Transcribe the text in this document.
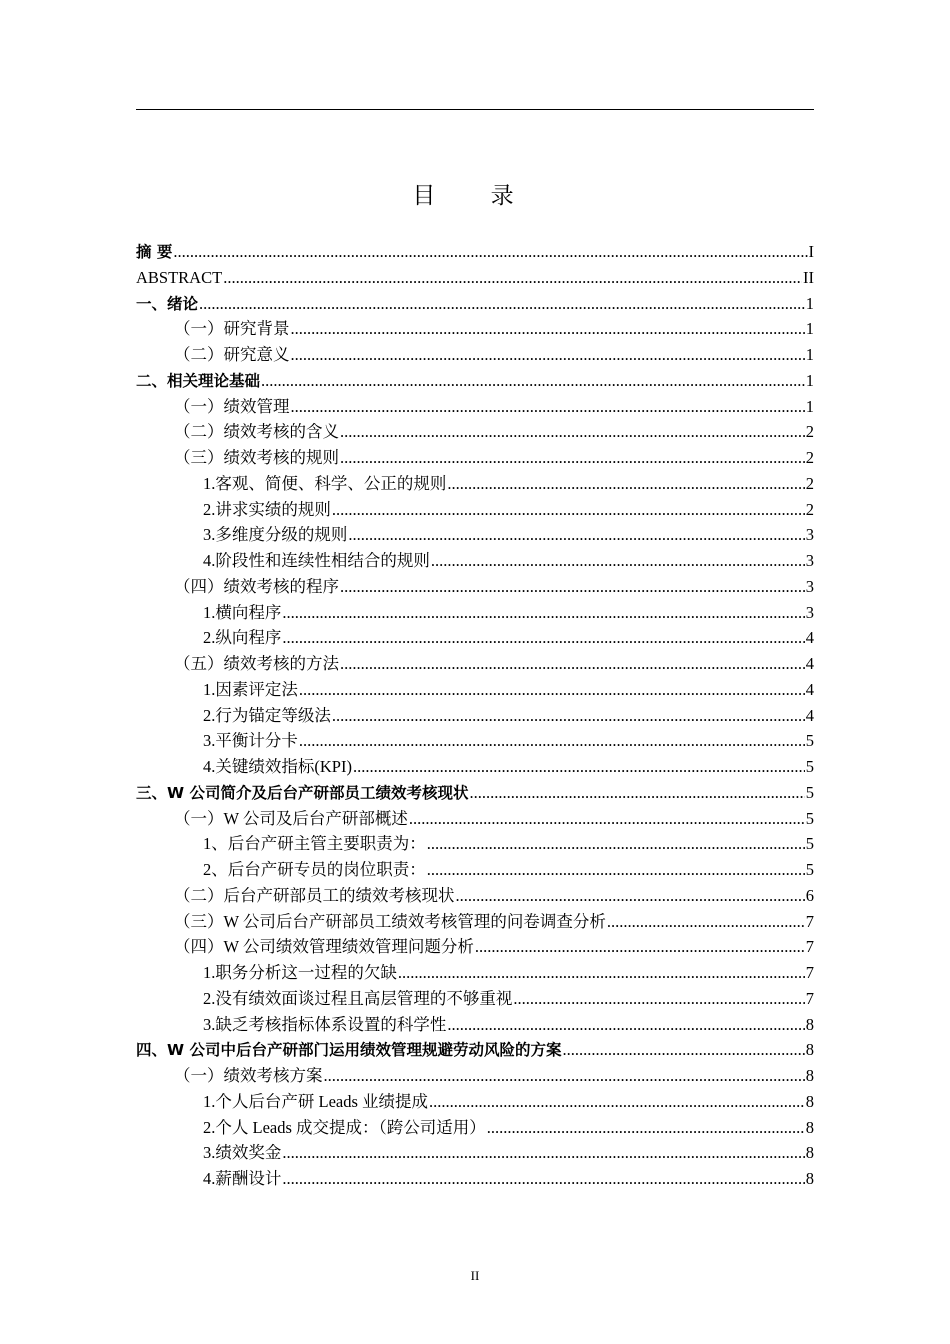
目 录
摘 要 .....	I
ABSTRACT .....	II
一、绪论 .....	1
（一）研究背景 .....	1
（二）研究意义 .....	1
二、相关理论基础 .....	1
（一）绩效管理 .....	1
（二）绩效考核的含义 .....	2
（三）绩效考核的规则 .....	2
1.客观、简便、科学、公正的规则 .....	2
2.讲求实绩的规则 .....	2
3.多维度分级的规则 .....	3
4.阶段性和连续性相结合的规则 .....	3
（四）绩效考核的程序 .....	3
1.横向程序 .....	3
2.纵向程序 .....	4
（五）绩效考核的方法 .....	4
1.因素评定法 .....	4
2.行为锚定等级法 .....	4
3.平衡计分卡 .....	5
4.关键绩效指标(KPI) .....	5
三、W 公司简介及后台产研部员工绩效考核现状 .....	5
（一）W 公司及后台产研部概述 .....	5
1、后台产研主管主要职责为： .....	5
2、后台产研专员的岗位职责： .....	5
（二）后台产研部员工的绩效考核现状 .....	6
（三）W 公司后台产研部员工绩效考核管理的问卷调查分析 .....	7
（四）W 公司绩效管理绩效管理问题分析 .....	7
1.职务分析这一过程的欠缺 .....	7
2.没有绩效面谈过程且高层管理的不够重视 .....	7
3.缺乏考核指标体系设置的科学性 .....	8
四、W 公司中后台产研部门运用绩效管理规避劳动风险的方案 .....	8
（一）绩效考核方案 .....	8
1.个人后台产研 Leads 业绩提成 .....	8
2.个人 Leads 成交提成：（跨公司适用） .....	8
3.绩效奖金 .....	8
4.薪酬设计 .....	8
II
